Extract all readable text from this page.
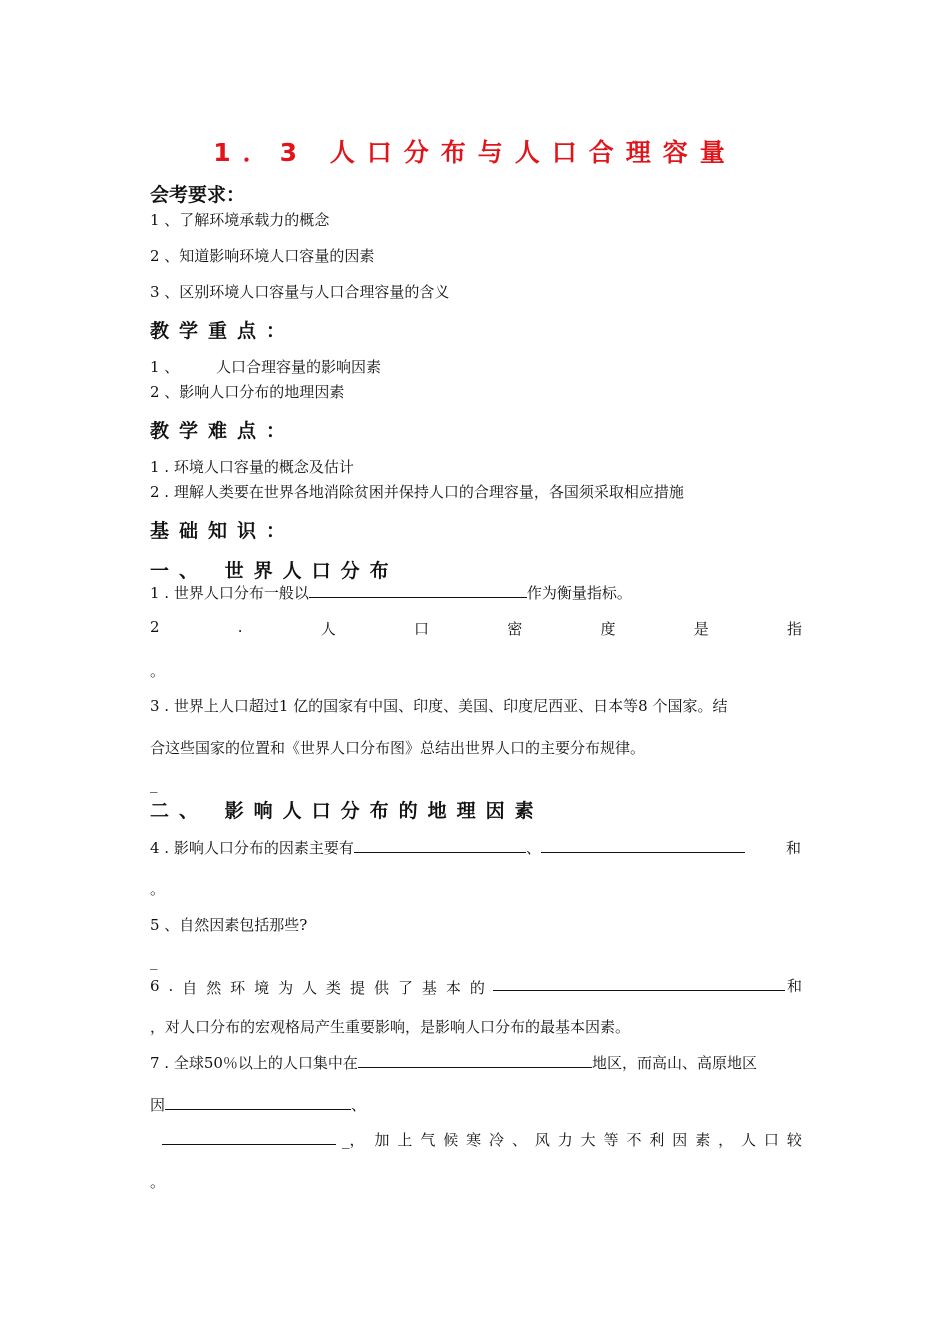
1．3 人口分布与人口合理容量
会考要求：
1 、了解环境承载力的概念
2 、知道影响环境人口容量的因素
3 、区别环境人口容量与人口合理容量的含义
教学重点：
1 、 人口合理容量的影响因素
2 、影响人口分布的地理因素
教学难点：
1 . 环境人口容量的概念及估计
2 . 理解人类要在世界各地消除贫困并保持人口的合理容量，各国须采取相应措施
基础知识：
一、 世界人口分布
1 . 世界人口分布一般以	作为衡量指标。
2	.	人	口	密	度	是	指
。
3 . 世界上人口超过1 亿的国家有中国、印度、美国、印度尼西亚、日本等8 个国家。结
合这些国家的位置和《世界人口分布图》总结出世界人口的主要分布规律。
_
二、 影响人口分布的地理因素
4 . 影响人口分布的因素主要有	、	和
。
5 、自然因素包括那些?
_
6 . 自 然 环 境 为 人 类 提 供 了 基 本 的	和
，对人口分布的宏观格局产生重要影响，是影响人口分布的最基本因素。
7 . 全球50％以上的人口集中在	地区，而高山、高原地区
因	、
_， 加 上 气 候 寒 冷 、 风 力 大 等 不 利 因 素 ， 人 口 较
。
